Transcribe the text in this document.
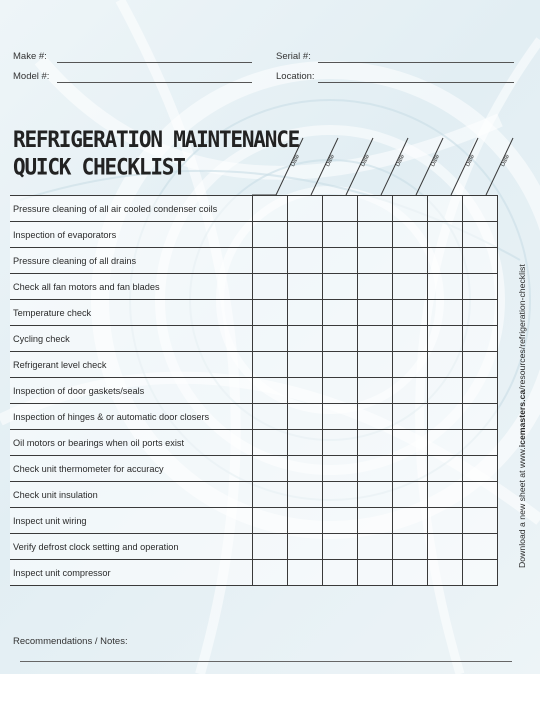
Make #:	Serial #:
Model #:	Location:
REFRIGERATION MAINTENANCE
QUICK CHECKLIST	Date	Date	Date	Date	Date	Date	Date
Pressure cleaning of all air cooled condenser coils							
Inspection of evaporators							
Pressure cleaning of all drains							
Check all fan motors and fan blades							
Temperature check							
Cycling check							
Refrigerant level check							
Inspection of door gaskets/seals							
Inspection of hinges & or automatic door closers							
Oil motors or bearings when oil ports exist							
Check unit thermometer for accuracy							
Check unit insulation							
Inspect unit wiring							
Verify defrost clock setting and operation							
Inspect unit compressor							
Download a new sheet at www.icemasters.ca/resources/refrigeration-checklist
Recommendations / Notes:
